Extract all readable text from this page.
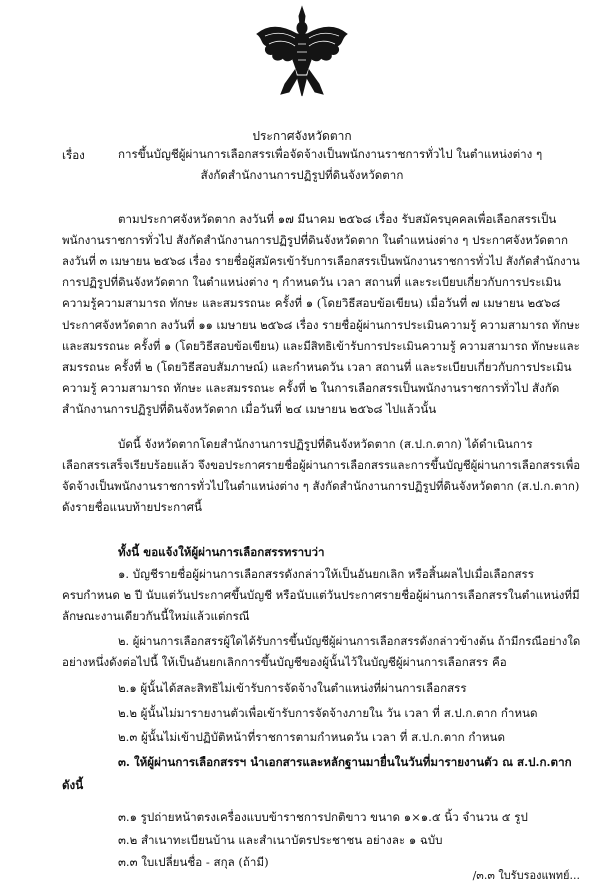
ประกาศจังหวัดตาก
เรื่อง	การขึ้นบัญชีผู้ผ่านการเลือกสรรเพื่อจัดจ้างเป็นพนักงานราชการทั่วไป ในตำแหน่งต่าง ๆ
สังกัดสำนักงานการปฏิรูปที่ดินจังหวัดตาก
ตามประกาศจังหวัดตาก ลงวันที่ ๑๗ มีนาคม ๒๕๖๘ เรื่อง รับสมัครบุคคลเพื่อเลือกสรรเป็น
พนักงานราชการทั่วไป สังกัดสำนักงานการปฏิรูปที่ดินจังหวัดตาก ในตำแหน่งต่าง ๆ ประกาศจังหวัดตาก
ลงวันที่ ๓ เมษายน ๒๕๖๘ เรื่อง รายชื่อผู้สมัครเข้ารับการเลือกสรรเป็นพนักงานราชการทั่วไป สังกัดสำนักงาน
การปฏิรูปที่ดินจังหวัดตาก ในตำแหน่งต่าง ๆ กำหนดวัน เวลา สถานที่ และระเบียบเกี่ยวกับการประเมิน
ความรู้ความสามารถ ทักษะ และสมรรถนะ ครั้งที่ ๑ (โดยวิธีสอบข้อเขียน) เมื่อวันที่ ๗ เมษายน ๒๕๖๘
ประกาศจังหวัดตาก ลงวันที่ ๑๑ เมษายน ๒๕๖๘ เรื่อง รายชื่อผู้ผ่านการประเมินความรู้ ความสามารถ ทักษะ
และสมรรถนะ ครั้งที่ ๑ (โดยวิธีสอบข้อเขียน) และมีสิทธิเข้ารับการประเมินความรู้ ความสามารถ ทักษะและ
สมรรถนะ ครั้งที่ ๒ (โดยวิธีสอบสัมภาษณ์) และกำหนดวัน เวลา สถานที่ และระเบียบเกี่ยวกับการประเมิน
ความรู้ ความสามารถ ทักษะ และสมรรถนะ ครั้งที่ ๒ ในการเลือกสรรเป็นพนักงานราชการทั่วไป สังกัด
สำนักงานการปฏิรูปที่ดินจังหวัดตาก เมื่อวันที่ ๒๔ เมษายน ๒๕๖๘ ไปแล้วนั้น
บัดนี้ จังหวัดตากโดยสำนักงานการปฏิรูปที่ดินจังหวัดตาก (ส.ป.ก.ตาก) ได้ดำเนินการ
เลือกสรรเสร็จเรียบร้อยแล้ว จึงขอประกาศรายชื่อผู้ผ่านการเลือกสรรและการขึ้นบัญชีผู้ผ่านการเลือกสรรเพื่อ
จัดจ้างเป็นพนักงานราชการทั่วไปในตำแหน่งต่าง ๆ สังกัดสำนักงานการปฏิรูปที่ดินจังหวัดตาก (ส.ป.ก.ตาก)
ดังรายชื่อแนบท้ายประกาศนี้
ทั้งนี้ ขอแจ้งให้ผู้ผ่านการเลือกสรรทราบว่า
๑. บัญชีรายชื่อผู้ผ่านการเลือกสรรดังกล่าวให้เป็นอันยกเลิก หรือสิ้นผลไปเมื่อเลือกสรร
ครบกำหนด ๒ ปี นับแต่วันประกาศขึ้นบัญชี หรือนับแต่วันประกาศรายชื่อผู้ผ่านการเลือกสรรในตำแหน่งที่มี
ลักษณะงานเดียวกันนี้ใหม่แล้วแต่กรณี
๒. ผู้ผ่านการเลือกสรรผู้ใดได้รับการขึ้นบัญชีผู้ผ่านการเลือกสรรดังกล่าวข้างต้น ถ้ามีกรณีอย่างใด
อย่างหนึ่งดังต่อไปนี้ ให้เป็นอันยกเลิกการขึ้นบัญชีของผู้นั้นไว้ในบัญชีผู้ผ่านการเลือกสรร คือ
๒.๑ ผู้นั้นได้สละสิทธิไม่เข้ารับการจัดจ้างในตำแหน่งที่ผ่านการเลือกสรร
๒.๒ ผู้นั้นไม่มารายงานตัวเพื่อเข้ารับการจัดจ้างภายใน วัน เวลา ที่ ส.ป.ก.ตาก กำหนด
๒.๓ ผู้นั้นไม่เข้าปฏิบัติหน้าที่ราชการตามกำหนดวัน เวลา ที่ ส.ป.ก.ตาก กำหนด
๓. ให้ผู้ผ่านการเลือกสรรฯ นำเอกสารและหลักฐานมายื่นในวันที่มารายงานตัว ณ ส.ป.ก.ตาก
ดังนี้
๓.๑ รูปถ่ายหน้าตรงเครื่องแบบข้าราชการปกติขาว ขนาด ๑×๑.๕ นิ้ว จำนวน ๕ รูป
๓.๒ สำเนาทะเบียนบ้าน และสำเนาบัตรประชาชน อย่างละ ๑ ฉบับ
๓.๓ ใบเปลี่ยนชื่อ - สกุล (ถ้ามี)
/๓.๓ ใบรับรองแพทย์...
